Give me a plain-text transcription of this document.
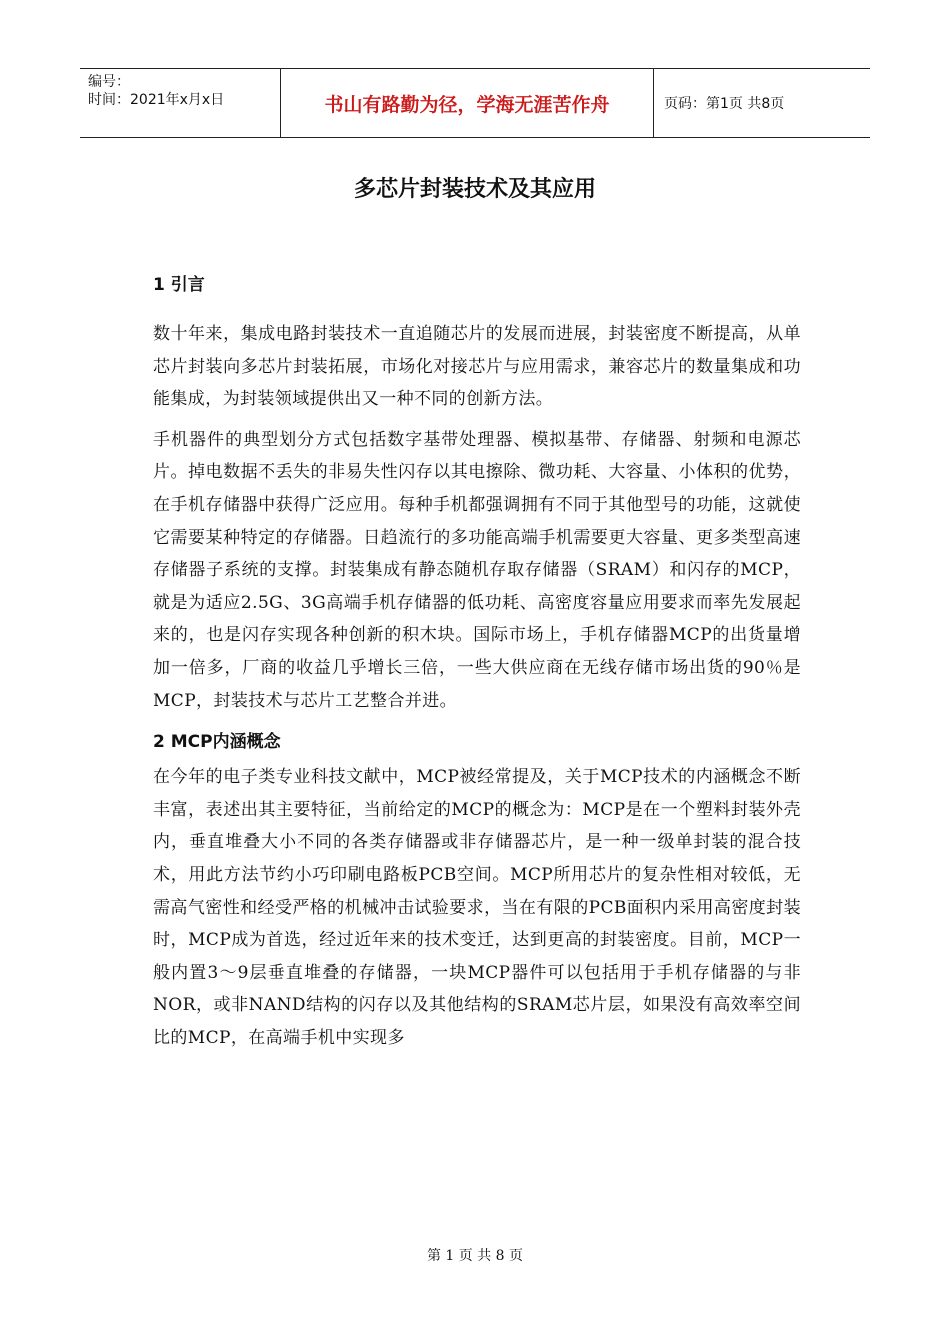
编号：
时间：2021年x月x日	书山有路勤为径，学海无涯苦作舟	页码：第1页 共8页
多芯片封装技术及其应用
1 引言

数十年来，集成电路封装技术一直追随芯片的发展而进展，封装密度不断提高，从单芯片封装向多芯片封装拓展，市场化对接芯片与应用需求，兼容芯片的数量集成和功能集成，为封装领域提供出又一种不同的创新方法。

手机器件的典型划分方式包括数字基带处理器、模拟基带、存储器、射频和电源芯片。掉电数据不丢失的非易失性闪存以其电擦除、微功耗、大容量、小体积的优势，在手机存储器中获得广泛应用。每种手机都强调拥有不同于其他型号的功能，这就使它需要某种特定的存储器。日趋流行的多功能高端手机需要更大容量、更多类型高速存储器子系统的支撑。封装集成有静态随机存取存储器（SRAM）和闪存的MCP，就是为适应2.5G、3G高端手机存储器的低功耗、高密度容量应用要求而率先发展起来的，也是闪存实现各种创新的积木块。国际市场上，手机存储器MCP的出货量增加一倍多，厂商的收益几乎增长三倍，一些大供应商在无线存储市场出货的90％是MCP，封装技术与芯片工艺整合并进。

2 MCP内涵概念

在今年的电子类专业科技文献中，MCP被经常提及，关于MCP技术的内涵概念不断丰富，表述出其主要特征，当前给定的MCP的概念为：MCP是在一个塑料封装外壳内，垂直堆叠大小不同的各类存储器或非存储器芯片，是一种一级单封装的混合技术，用此方法节约小巧印刷电路板PCB空间。MCP所用芯片的复杂性相对较低，无需高气密性和经受严格的机械冲击试验要求，当在有限的PCB面积内采用高密度封装时，MCP成为首选，经过近年来的技术变迁，达到更高的封装密度。目前，MCP一般内置3～9层垂直堆叠的存储器，一块MCP器件可以包括用于手机存储器的与非NOR，或非NAND结构的闪存以及其他结构的SRAM芯片层，如果没有高效率空间比的MCP，在高端手机中实现多

第 1 页 共 8 页
